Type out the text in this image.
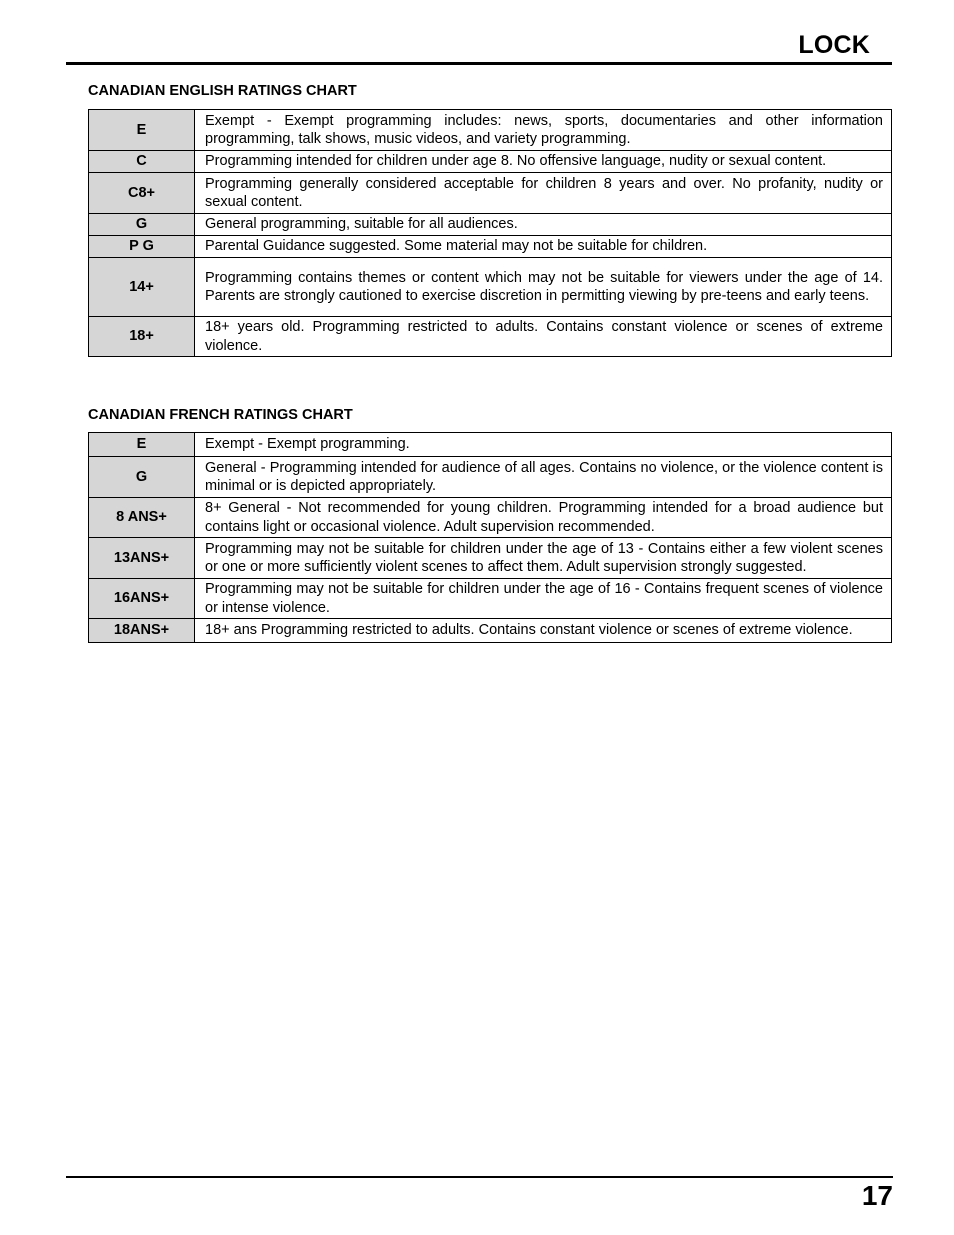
LOCK
CANADIAN ENGLISH RATINGS CHART
E	Exempt - Exempt programming includes: news, sports, documentaries and other information programming, talk shows, music videos, and variety programming.
C	Programming intended for children under age 8. No offensive language, nudity or sexual content.
C8+	Programming generally considered acceptable for children 8 years and over. No profanity, nudity or sexual content.
G	General programming, suitable for all audiences.
P G	Parental Guidance suggested. Some material may not be suitable for children.
14+	Programming contains themes or content which may not be suitable for viewers under the age of 14. Parents are strongly cautioned to exercise discretion in permitting viewing by pre-teens and early teens.
18+	18+ years old. Programming restricted to adults. Contains constant violence or scenes of extreme violence.
CANADIAN FRENCH RATINGS CHART
E	Exempt - Exempt programming.
G	General - Programming intended for audience of all ages. Contains no violence, or the violence content is minimal or is depicted appropriately.
8 ANS+	8+ General - Not recommended for young children. Programming intended for a broad audience but contains light or occasional violence. Adult supervision recommended.
13ANS+	Programming may not be suitable for children under the age of 13 - Contains either a few violent scenes or one or more sufficiently violent scenes to affect them. Adult supervision strongly suggested.
16ANS+	Programming may not be suitable for children under the age of 16 - Contains frequent scenes of violence or intense violence.
18ANS+	18+ ans Programming restricted to adults. Contains constant violence or scenes of extreme violence.
17
